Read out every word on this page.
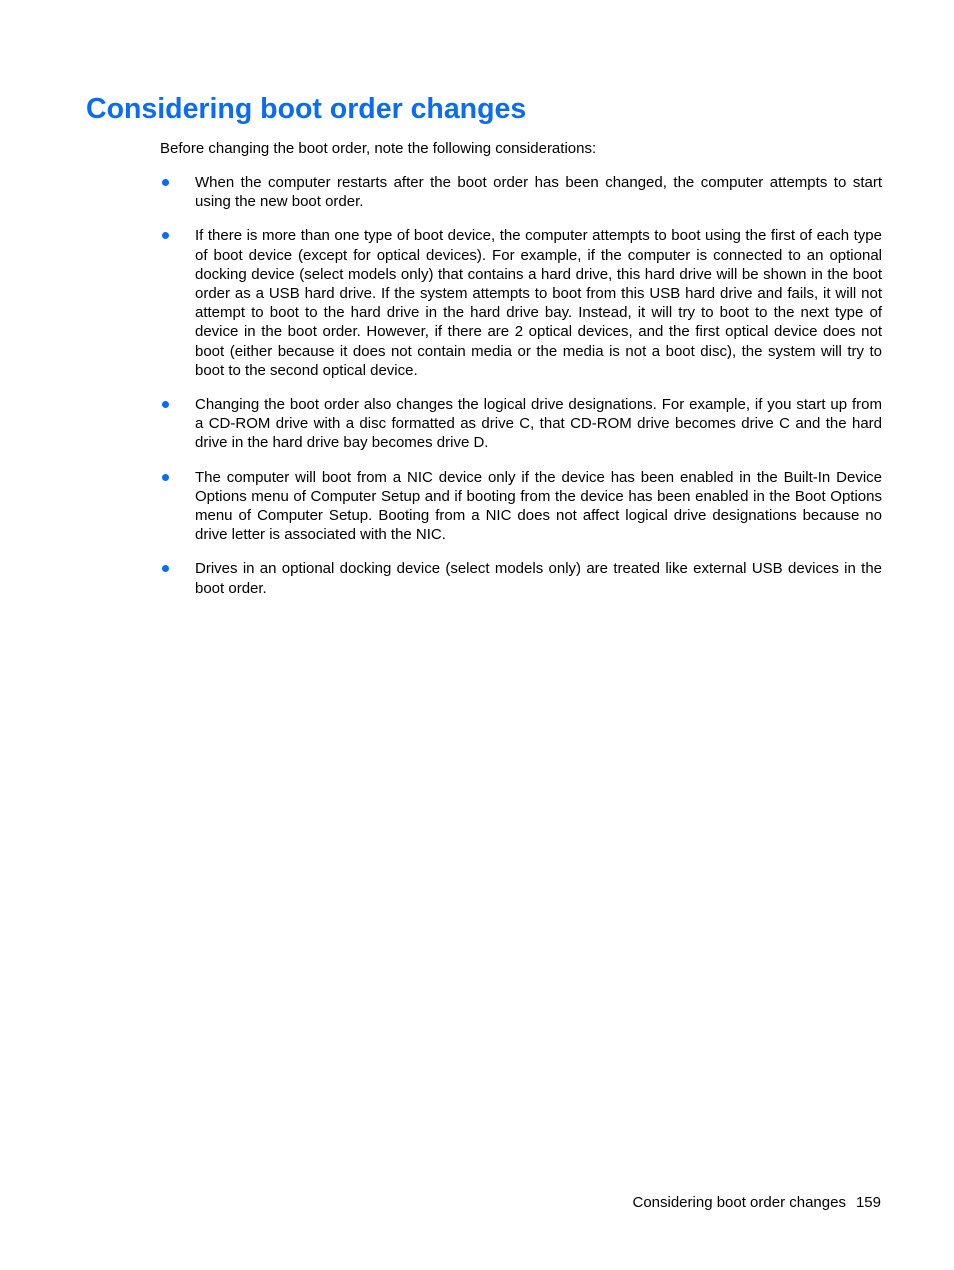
Considering boot order changes

Before changing the boot order, note the following considerations:

When the computer restarts after the boot order has been changed, the computer attempts to start using the new boot order.
If there is more than one type of boot device, the computer attempts to boot using the first of each type of boot device (except for optical devices). For example, if the computer is connected to an optional docking device (select models only) that contains a hard drive, this hard drive will be shown in the boot order as a USB hard drive. If the system attempts to boot from this USB hard drive and fails, it will not attempt to boot to the hard drive in the hard drive bay. Instead, it will try to boot to the next type of device in the boot order. However, if there are 2 optical devices, and the first optical device does not boot (either because it does not contain media or the media is not a boot disc), the system will try to boot to the second optical device.
Changing the boot order also changes the logical drive designations. For example, if you start up from a CD-ROM drive with a disc formatted as drive C, that CD-ROM drive becomes drive C and the hard drive in the hard drive bay becomes drive D.
The computer will boot from a NIC device only if the device has been enabled in the Built-In Device Options menu of Computer Setup and if booting from the device has been enabled in the Boot Options menu of Computer Setup. Booting from a NIC does not affect logical drive designations because no drive letter is associated with the NIC.
Drives in an optional docking device (select models only) are treated like external USB devices in the boot order.
Considering boot order changes 159
